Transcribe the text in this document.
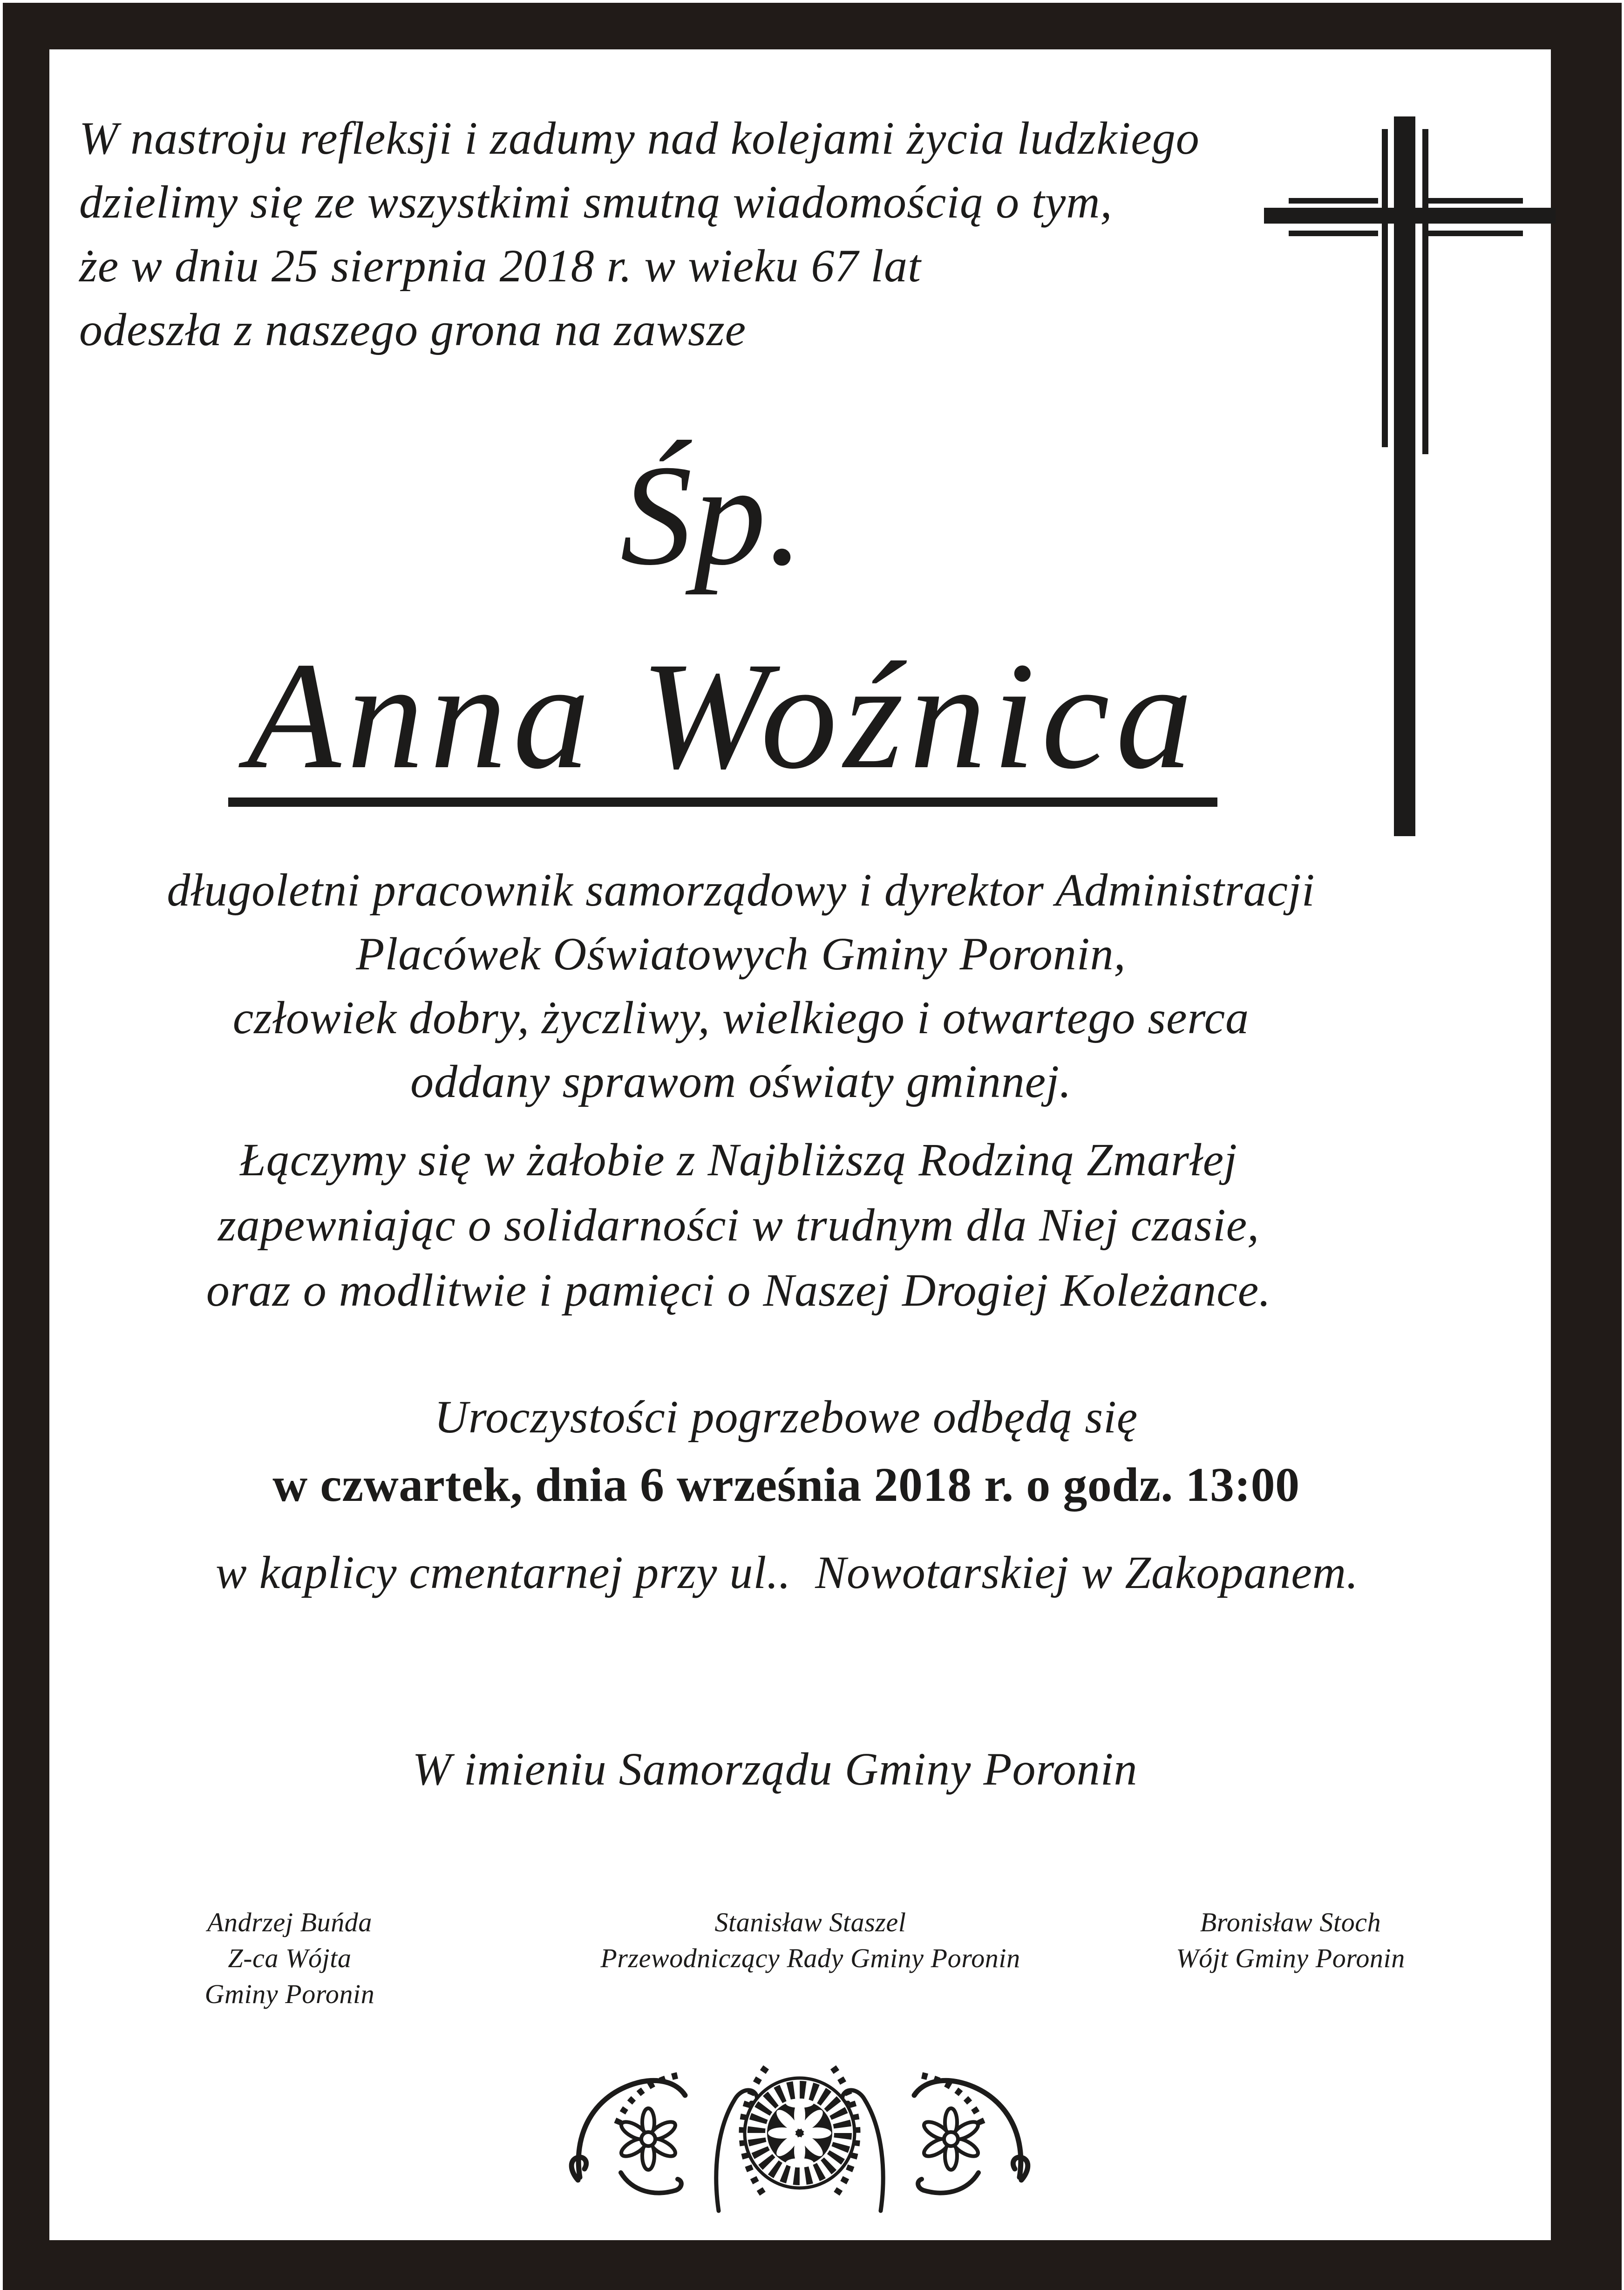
W nastroju refleksji i zadumy nad kolejami życia ludzkiego
dzielimy się ze wszystkimi smutną wiadomością o tym,
że w dniu 25 sierpnia 2018 r. w wieku 67 lat
odeszła z naszego grona na zawsze
Śp.
Anna Woźnica
długoletni pracownik samorządowy i dyrektor Administracji
Placówek Oświatowych Gminy Poronin,
człowiek dobry, życzliwy, wielkiego i otwartego serca
oddany sprawom oświaty gminnej.
Łączymy się w żałobie z Najbliższą Rodziną Zmarłej
zapewniając o solidarności w trudnym dla Niej czasie,
oraz o modlitwie i pamięci o Naszej Drogiej Koleżance.
Uroczystości pogrzebowe odbędą się
w czwartek, dnia 6 września 2018 r. o godz. 13:00
w kaplicy cmentarnej przy ul..  Nowotarskiej w Zakopanem.
W imieniu Samorządu Gminy Poronin
Andrzej Buńda
Z-ca Wójta
Gminy Poronin
Stanisław Staszel
Przewodniczący Rady Gminy Poronin
Bronisław Stoch
Wójt Gminy Poronin
